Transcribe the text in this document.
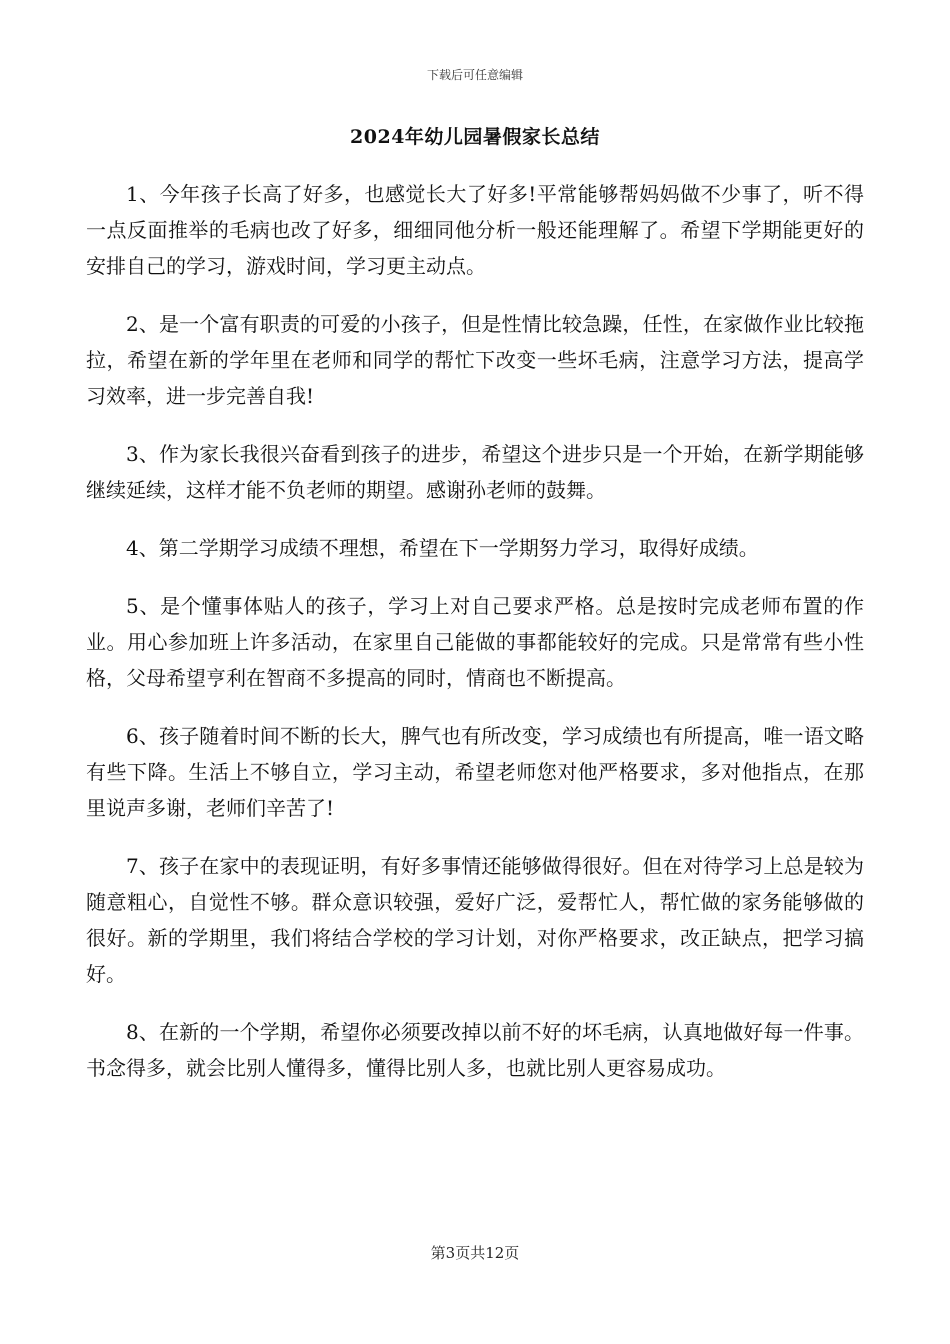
下载后可任意编辑
2024年幼儿园暑假家长总结

1、今年孩子长高了好多，也感觉长大了好多!平常能够帮妈妈做不少事了，听不得一点反面推举的毛病也改了好多，细细同他分析一般还能理解了。希望下学期能更好的安排自己的学习，游戏时间，学习更主动点。

2、是一个富有职责的可爱的小孩子，但是性情比较急躁，任性，在家做作业比较拖拉，希望在新的学年里在老师和同学的帮忙下改变一些坏毛病，注意学习方法，提高学习效率，进一步完善自我!

3、作为家长我很兴奋看到孩子的进步，希望这个进步只是一个开始，在新学期能够继续延续，这样才能不负老师的期望。感谢孙老师的鼓舞。

4、第二学期学习成绩不理想，希望在下一学期努力学习，取得好成绩。

5、是个懂事体贴人的孩子，学习上对自己要求严格。总是按时完成老师布置的作业。用心参加班上许多活动，在家里自己能做的事都能较好的完成。只是常常有些小性格，父母希望亨利在智商不多提高的同时，情商也不断提高。

6、孩子随着时间不断的长大，脾气也有所改变，学习成绩也有所提高，唯一语文略有些下降。生活上不够自立，学习主动，希望老师您对他严格要求，多对他指点，在那里说声多谢，老师们辛苦了!

7、孩子在家中的表现证明，有好多事情还能够做得很好。但在对待学习上总是较为随意粗心，自觉性不够。群众意识较强，爱好广泛，爱帮忙人，帮忙做的家务能够做的很好。新的学期里，我们将结合学校的学习计划，对你严格要求，改正缺点，把学习搞好。

8、在新的一个学期，希望你必须要改掉以前不好的坏毛病，认真地做好每一件事。书念得多，就会比别人懂得多，懂得比别人多，也就比别人更容易成功。

第3页共12页
